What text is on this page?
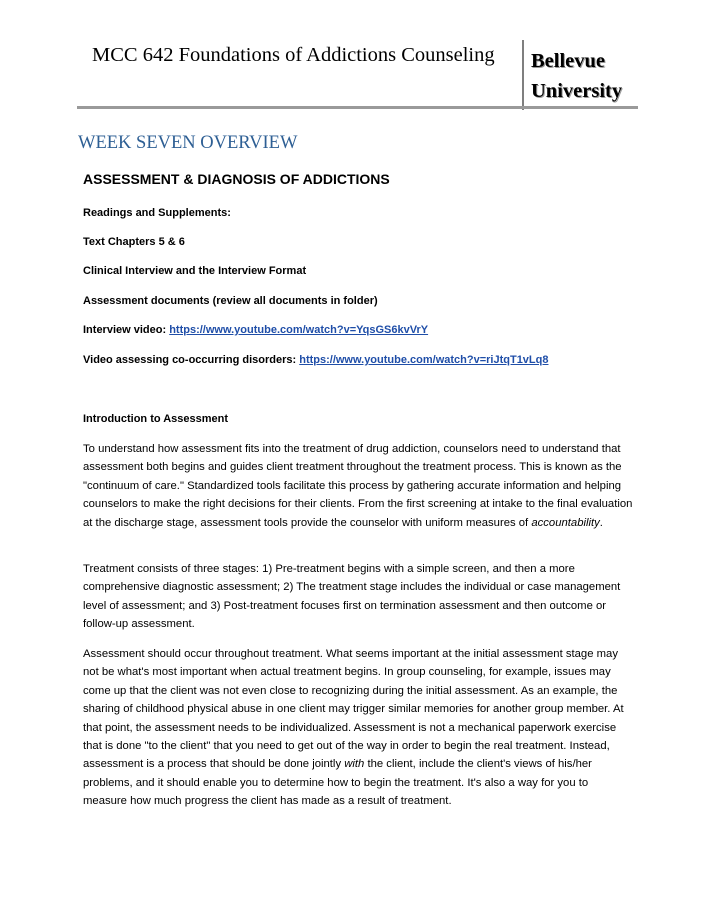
MCC 642 Foundations of Addictions Counseling Bellevue
University
WEEK SEVEN OVERVIEW
ASSESSMENT & DIAGNOSIS OF ADDICTIONS
Readings and Supplements:
Text Chapters 5 & 6
Clinical Interview and the Interview Format
Assessment documents (review all documents in folder)
Interview video: https://www.youtube.com/watch?v=YqsGS6kvVrY
Video assessing co-occurring disorders: https://www.youtube.com/watch?v=riJtqT1vLq8
Introduction to Assessment
To understand how assessment fits into the treatment of drug addiction, counselors need to understand that assessment both begins and guides client treatment throughout the treatment process. This is known as the "continuum of care." Standardized tools facilitate this process by gathering accurate information and helping counselors to make the right decisions for their clients. From the first screening at intake to the final evaluation at the discharge stage, assessment tools provide the counselor with uniform measures of accountability.
Treatment consists of three stages: 1) Pre-treatment begins with a simple screen, and then a more comprehensive diagnostic assessment; 2) The treatment stage includes the individual or case management level of assessment; and 3) Post-treatment focuses first on termination assessment and then outcome or follow-up assessment.
Assessment should occur throughout treatment. What seems important at the initial assessment stage may not be what's most important when actual treatment begins. In group counseling, for example, issues may come up that the client was not even close to recognizing during the initial assessment. As an example, the sharing of childhood physical abuse in one client may trigger similar memories for another group member. At that point, the assessment needs to be individualized. Assessment is not a mechanical paperwork exercise that is done "to the client" that you need to get out of the way in order to begin the real treatment. Instead, assessment is a process that should be done jointly with the client, include the client's views of his/her problems, and it should enable you to determine how to begin the treatment. It's also a way for you to measure how much progress the client has made as a result of treatment.
